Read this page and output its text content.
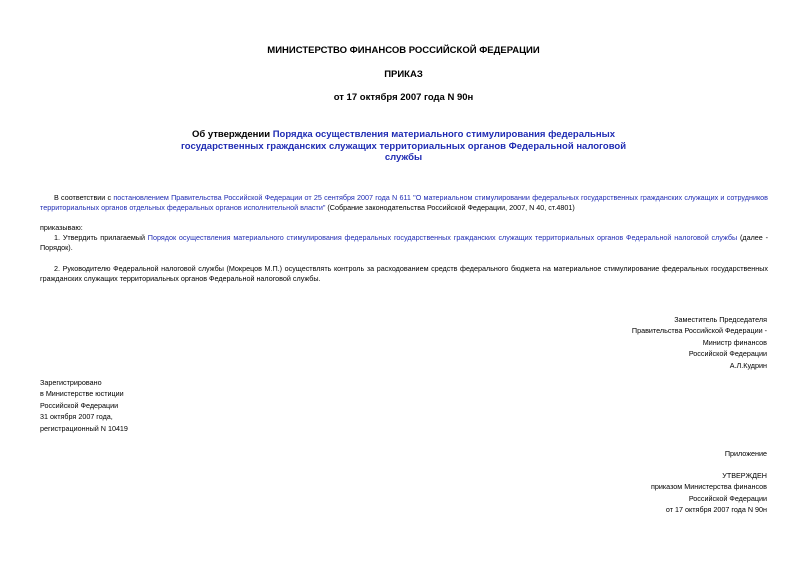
МИНИСТЕРСТВО ФИНАНСОВ РОССИЙСКОЙ ФЕДЕРАЦИИ
ПРИКАЗ
от 17 октября 2007 года N 90н
Об утверждении Порядка осуществления материального стимулирования федеральных государственных гражданских служащих территориальных органов Федеральной налоговой службы
В соответствии с постановлением Правительства Российской Федерации от 25 сентября 2007 года N 611 "О материальном стимулировании федеральных государственных гражданских служащих и сотрудников территориальных органов отдельных федеральных органов исполнительной власти" (Собрание законодательства Российской Федерации, 2007, N 40, ст.4801)
приказываю:
1. Утвердить прилагаемый Порядок осуществления материального стимулирования федеральных государственных гражданских служащих территориальных органов Федеральной налоговой службы (далее - Порядок).
2. Руководителю Федеральной налоговой службы (Мокрецов М.П.) осуществлять контроль за расходованием средств федерального бюджета на материальное стимулирование федеральных государственных гражданских служащих территориальных органов Федеральной налоговой службы.
Заместитель Председателя
Правительства Российской Федерации -
Министр финансов
Российской Федерации
А.Л.Кудрин
Зарегистрировано
в Министерстве юстиции
Российской Федерации
31 октября 2007 года,
регистрационный N 10419
Приложение
УТВЕРЖДЕН
приказом Министерства финансов
Российской Федерации
от 17 октября 2007 года N 90н
